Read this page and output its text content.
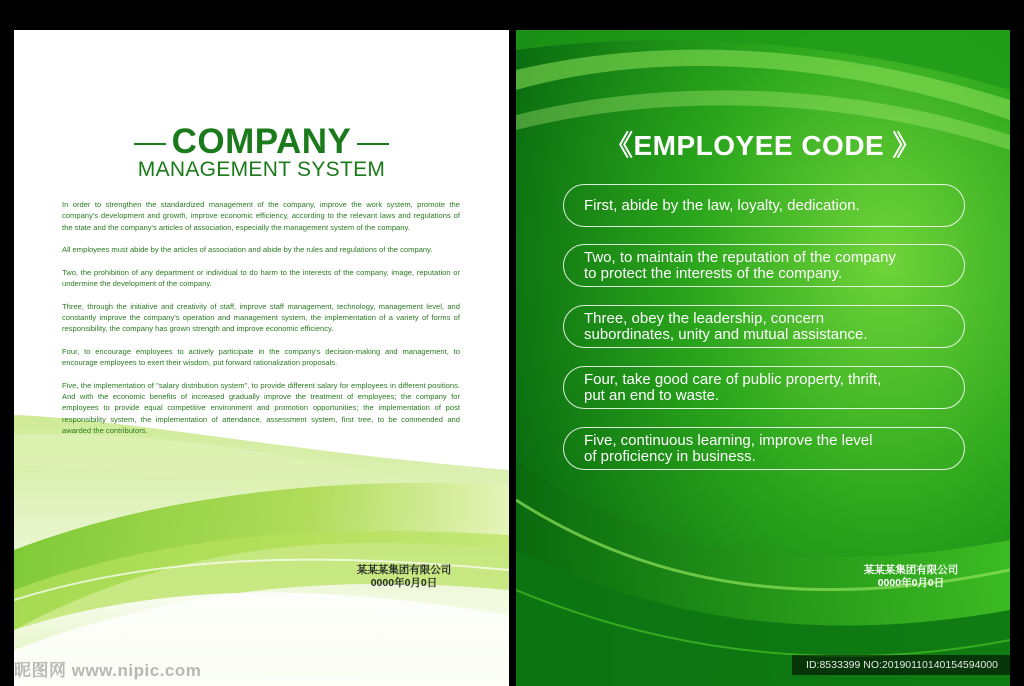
COMPANY
MANAGEMENT SYSTEM

In order to strengthen the standardized management of the company, improve the work system, promote the company's development and growth, improve economic efficiency, according to the relevant laws and regulations of the state and the company's articles of association, especially the management system of the company.

All employees must abide by the articles of association and abide by the rules and regulations of the company.

Two, the prohibition of any department or individual to do harm to the interests of the company, image, reputation or undermine the development of the company.

Three, through the initiative and creativity of staff, improve staff management, technology, management level, and constantly improve the company's operation and management system, the implementation of a variety of forms of responsibility, the company has grown strength and improve economic efficiency.

Four, to encourage employees to actively participate in the company's decision-making and management, to encourage employees to exert their wisdom, put forward rationalization proposals.

Five, the implementation of "salary distribution system", to provide different salary for employees in different positions. And with the economic benefits of increased gradually improve the treatment of employees; the company for employees to provide equal competitive environment and promotion opportunities; the implementation of post responsibility system, the implementation of attendance, assessment system, first tree, to be commended and awarded the contributors.

某某某集团有限公司
0000年0月0日
昵图网 www.nipic.com
《EMPLOYEE CODE 》
First, abide by the law, loyalty, dedication.
Two, to maintain the reputation of the company
to protect the interests of the company.
Three, obey the leadership, concern
subordinates, unity and mutual assistance.
Four, take good care of public property, thrift,
put an end to waste.
Five, continuous learning, improve the level
of proficiency in business.
某某某集团有限公司
0000年0月0日
ID:8533399 NO:20190110140154594000
